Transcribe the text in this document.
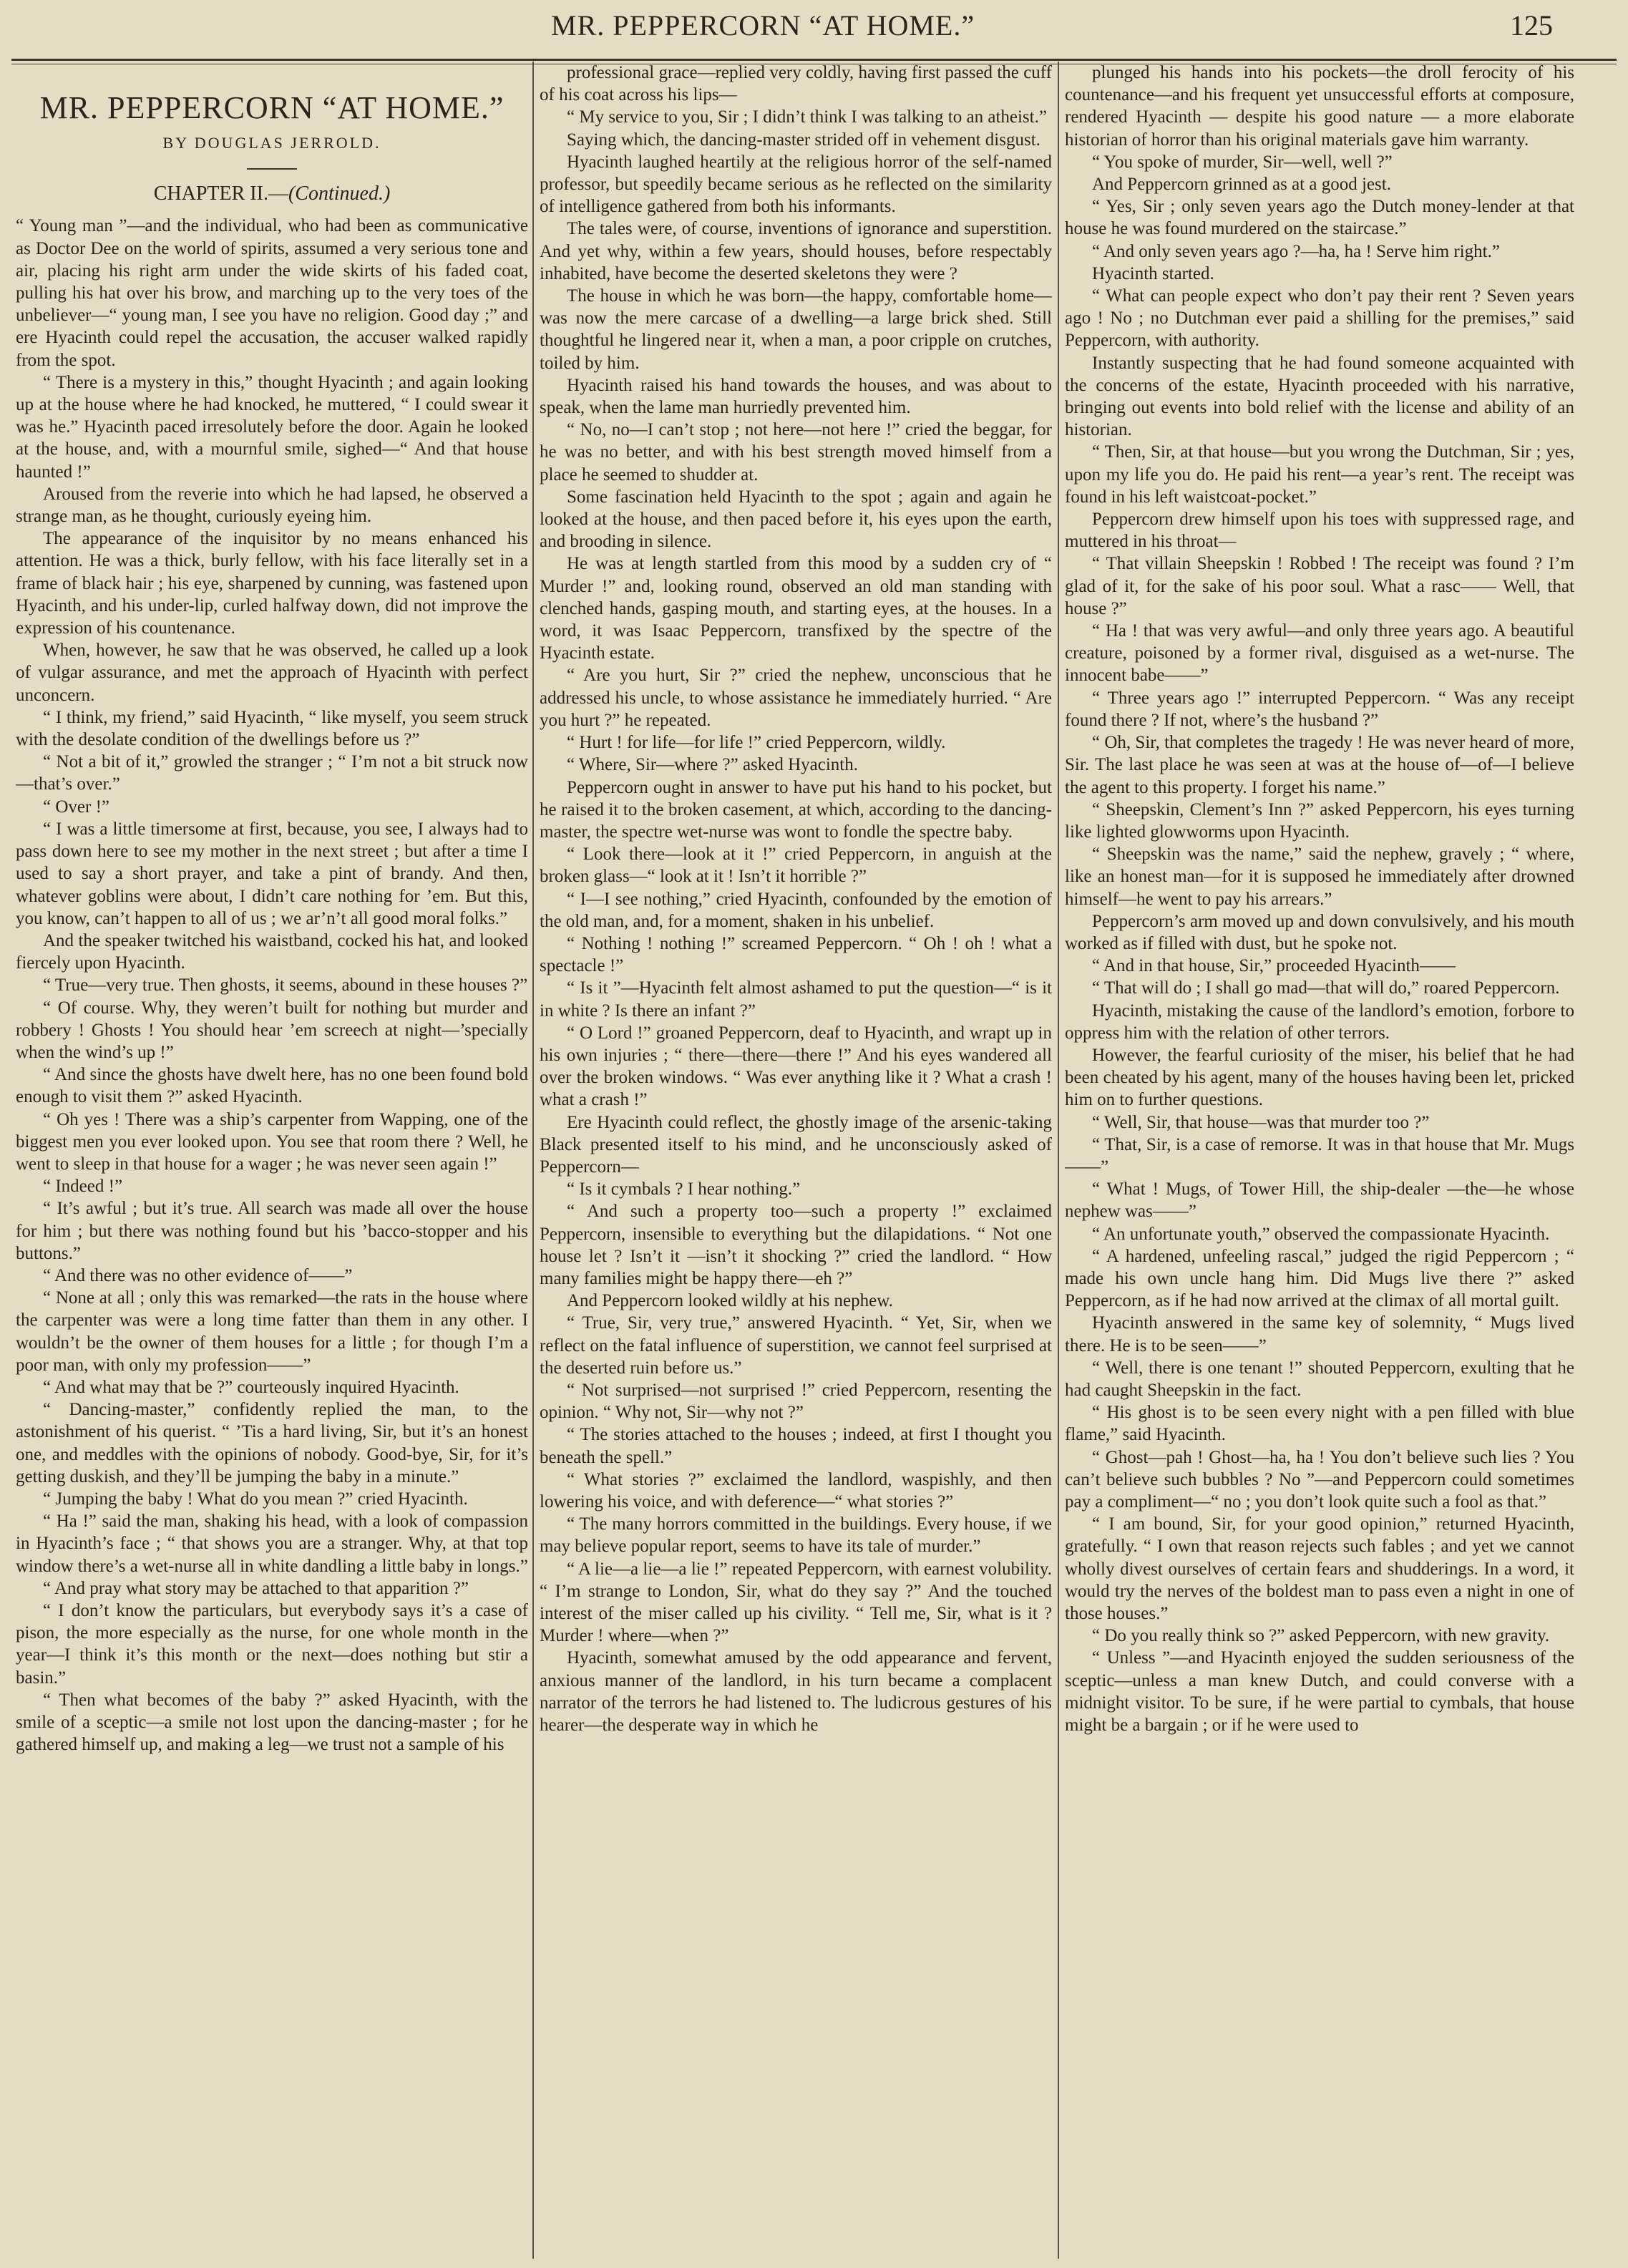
MR. PEPPERCORN “AT HOME.”	125
MR. PEPPERCORN “AT HOME.”
BY DOUGLAS JERROLD.
CHAPTER II.—(Continued.)

“ Young man ”—and the individual, who had been as communicative as Doctor Dee on the world of spirits, assumed a very serious tone and air, placing his right arm under the wide skirts of his faded coat, pulling his hat over his brow, and marching up to the very toes of the unbeliever—“ young man, I see you have no religion. Good day ;” and ere Hyacinth could repel the accusation, the accuser walked rapidly from the spot.

“ There is a mystery in this,” thought Hyacinth ; and again looking up at the house where he had knocked, he muttered, “ I could swear it was he.” Hyacinth paced irresolutely before the door. Again he looked at the house, and, with a mournful smile, sighed—“ And that house haunted !”

Aroused from the reverie into which he had lapsed, he observed a strange man, as he thought, curiously eyeing him.

The appearance of the inquisitor by no means enhanced his attention. He was a thick, burly fellow, with his face literally set in a frame of black hair ; his eye, sharpened by cunning, was fastened upon Hyacinth, and his under-lip, curled halfway down, did not improve the expression of his countenance.

When, however, he saw that he was observed, he called up a look of vulgar assurance, and met the approach of Hyacinth with perfect unconcern.

“ I think, my friend,” said Hyacinth, “ like myself, you seem struck with the desolate condition of the dwellings before us ?”

“ Not a bit of it,” growled the stranger ; “ I’m not a bit struck now—that’s over.”

“ Over !”

“ I was a little timersome at first, because, you see, I always had to pass down here to see my mother in the next street ; but after a time I used to say a short prayer, and take a pint of brandy. And then, whatever goblins were about, I didn’t care nothing for ’em. But this, you know, can’t happen to all of us ; we ar’n’t all good moral folks.”

And the speaker twitched his waistband, cocked his hat, and looked fiercely upon Hyacinth.

“ True—very true. Then ghosts, it seems, abound in these houses ?”

“ Of course. Why, they weren’t built for nothing but murder and robbery ! Ghosts ! You should hear ’em screech at night—’specially when the wind’s up !”

“ And since the ghosts have dwelt here, has no one been found bold enough to visit them ?” asked Hyacinth.

“ Oh yes ! There was a ship’s carpenter from Wapping, one of the biggest men you ever looked upon. You see that room there ? Well, he went to sleep in that house for a wager ; he was never seen again !”

“ Indeed !”

“ It’s awful ; but it’s true. All search was made all over the house for him ; but there was nothing found but his ’bacco-stopper and his buttons.”

“ And there was no other evidence of——”

“ None at all ; only this was remarked—the rats in the house where the carpenter was were a long time fatter than them in any other. I wouldn’t be the owner of them houses for a little ; for though I’m a poor man, with only my profession——”

“ And what may that be ?” courteously inquired Hyacinth.

“ Dancing-master,” confidently replied the man, to the astonishment of his querist. “ ’Tis a hard living, Sir, but it’s an honest one, and meddles with the opinions of nobody. Good-bye, Sir, for it’s getting duskish, and they’ll be jumping the baby in a minute.”

“ Jumping the baby ! What do you mean ?” cried Hyacinth.

“ Ha !” said the man, shaking his head, with a look of compassion in Hyacinth’s face ; “ that shows you are a stranger. Why, at that top window there’s a wet-nurse all in white dandling a little baby in longs.”

“ And pray what story may be attached to that apparition ?”

“ I don’t know the particulars, but everybody says it’s a case of pison, the more especially as the nurse, for one whole month in the year—I think it’s this month or the next—does nothing but stir a basin.”

“ Then what becomes of the baby ?” asked Hyacinth, with the smile of a sceptic—a smile not lost upon the dancing-master ; for he gathered himself up, and making a leg—we trust not a sample of his

professional grace—replied very coldly, having first passed the cuff of his coat across his lips—

“ My service to you, Sir ; I didn’t think I was talking to an atheist.”

Saying which, the dancing-master strided off in vehement disgust.

Hyacinth laughed heartily at the religious horror of the self-named professor, but speedily became serious as he reflected on the similarity of intelligence gathered from both his informants.

The tales were, of course, inventions of ignorance and superstition. And yet why, within a few years, should houses, before respectably inhabited, have become the deserted skeletons they were ?

The house in which he was born—the happy, comfortable home—was now the mere carcase of a dwelling—a large brick shed. Still thoughtful he lingered near it, when a man, a poor cripple on crutches, toiled by him.

Hyacinth raised his hand towards the houses, and was about to speak, when the lame man hurriedly prevented him.

“ No, no—I can’t stop ; not here—not here !” cried the beggar, for he was no better, and with his best strength moved himself from a place he seemed to shudder at.

Some fascination held Hyacinth to the spot ; again and again he looked at the house, and then paced before it, his eyes upon the earth, and brooding in silence.

He was at length startled from this mood by a sudden cry of “ Murder !” and, looking round, observed an old man standing with clenched hands, gasping mouth, and starting eyes, at the houses. In a word, it was Isaac Peppercorn, transfixed by the spectre of the Hyacinth estate.

“ Are you hurt, Sir ?” cried the nephew, unconscious that he addressed his uncle, to whose assistance he immediately hurried. “ Are you hurt ?” he repeated.

“ Hurt ! for life—for life !” cried Peppercorn, wildly.

“ Where, Sir—where ?” asked Hyacinth.

Peppercorn ought in answer to have put his hand to his pocket, but he raised it to the broken casement, at which, according to the dancing-master, the spectre wet-nurse was wont to fondle the spectre baby.

“ Look there—look at it !” cried Peppercorn, in anguish at the broken glass—“ look at it ! Isn’t it horrible ?”

“ I—I see nothing,” cried Hyacinth, confounded by the emotion of the old man, and, for a moment, shaken in his unbelief.

“ Nothing ! nothing !” screamed Peppercorn. “ Oh ! oh ! what a spectacle !”

“ Is it ”—Hyacinth felt almost ashamed to put the question—“ is it in white ? Is there an infant ?”

“ O Lord !” groaned Peppercorn, deaf to Hyacinth, and wrapt up in his own injuries ; “ there—there—there !” And his eyes wandered all over the broken windows. “ Was ever anything like it ? What a crash ! what a crash !”

Ere Hyacinth could reflect, the ghostly image of the arsenic-taking Black presented itself to his mind, and he unconsciously asked of Peppercorn—

“ Is it cymbals ? I hear nothing.”

“ And such a property too—such a property !” exclaimed Peppercorn, insensible to everything but the dilapidations. “ Not one house let ? Isn’t it —isn’t it shocking ?” cried the landlord. “ How many families might be happy there—eh ?”

And Peppercorn looked wildly at his nephew.

“ True, Sir, very true,” answered Hyacinth. “ Yet, Sir, when we reflect on the fatal influence of superstition, we cannot feel surprised at the deserted ruin before us.”

“ Not surprised—not surprised !” cried Peppercorn, resenting the opinion. “ Why not, Sir—why not ?”

“ The stories attached to the houses ; indeed, at first I thought you beneath the spell.”

“ What stories ?” exclaimed the landlord, waspishly, and then lowering his voice, and with deference—“ what stories ?”

“ The many horrors committed in the buildings. Every house, if we may believe popular report, seems to have its tale of murder.”

“ A lie—a lie—a lie !” repeated Peppercorn, with earnest volubility. “ I’m strange to London, Sir, what do they say ?” And the touched interest of the miser called up his civility. “ Tell me, Sir, what is it ? Murder ! where—when ?”

Hyacinth, somewhat amused by the odd appearance and fervent, anxious manner of the landlord, in his turn became a complacent narrator of the terrors he had listened to. The ludicrous gestures of his hearer—the desperate way in which he

plunged his hands into his pockets—the droll ferocity of his countenance—and his frequent yet unsuccessful efforts at composure, rendered Hyacinth — despite his good nature — a more elaborate historian of horror than his original materials gave him warranty.

“ You spoke of murder, Sir—well, well ?”

And Peppercorn grinned as at a good jest.

“ Yes, Sir ; only seven years ago the Dutch money-lender at that house he was found murdered on the staircase.”

“ And only seven years ago ?—ha, ha ! Serve him right.”

Hyacinth started.

“ What can people expect who don’t pay their rent ? Seven years ago ! No ; no Dutchman ever paid a shilling for the premises,” said Peppercorn, with authority.

Instantly suspecting that he had found someone acquainted with the concerns of the estate, Hyacinth proceeded with his narrative, bringing out events into bold relief with the license and ability of an historian.

“ Then, Sir, at that house—but you wrong the Dutchman, Sir ; yes, upon my life you do. He paid his rent—a year’s rent. The receipt was found in his left waistcoat-pocket.”

Peppercorn drew himself upon his toes with suppressed rage, and muttered in his throat—

“ That villain Sheepskin ! Robbed ! The receipt was found ? I’m glad of it, for the sake of his poor soul. What a rasc—— Well, that house ?”

“ Ha ! that was very awful—and only three years ago. A beautiful creature, poisoned by a former rival, disguised as a wet-nurse. The innocent babe——”

“ Three years ago !” interrupted Peppercorn. “ Was any receipt found there ? If not, where’s the husband ?”

“ Oh, Sir, that completes the tragedy ! He was never heard of more, Sir. The last place he was seen at was at the house of—of—I believe the agent to this property. I forget his name.”

“ Sheepskin, Clement’s Inn ?” asked Peppercorn, his eyes turning like lighted glowworms upon Hyacinth.

“ Sheepskin was the name,” said the nephew, gravely ; “ where, like an honest man—for it is supposed he immediately after drowned himself—he went to pay his arrears.”

Peppercorn’s arm moved up and down convulsively, and his mouth worked as if filled with dust, but he spoke not.

“ And in that house, Sir,” proceeded Hyacinth——

“ That will do ; I shall go mad—that will do,” roared Peppercorn.

Hyacinth, mistaking the cause of the landlord’s emotion, forbore to oppress him with the relation of other terrors.

However, the fearful curiosity of the miser, his belief that he had been cheated by his agent, many of the houses having been let, pricked him on to further questions.

“ Well, Sir, that house—was that murder too ?”

“ That, Sir, is a case of remorse. It was in that house that Mr. Mugs——”

“ What ! Mugs, of Tower Hill, the ship-dealer —the—he whose nephew was——”

“ An unfortunate youth,” observed the compassionate Hyacinth.

“ A hardened, unfeeling rascal,” judged the rigid Peppercorn ; “ made his own uncle hang him. Did Mugs live there ?” asked Peppercorn, as if he had now arrived at the climax of all mortal guilt.

Hyacinth answered in the same key of solemnity, “ Mugs lived there. He is to be seen——”

“ Well, there is one tenant !” shouted Peppercorn, exulting that he had caught Sheepskin in the fact.

“ His ghost is to be seen every night with a pen filled with blue flame,” said Hyacinth.

“ Ghost—pah ! Ghost—ha, ha ! You don’t believe such lies ? You can’t believe such bubbles ? No ”—and Peppercorn could sometimes pay a compliment—“ no ; you don’t look quite such a fool as that.”

“ I am bound, Sir, for your good opinion,” returned Hyacinth, gratefully. “ I own that reason rejects such fables ; and yet we cannot wholly divest ourselves of certain fears and shudderings. In a word, it would try the nerves of the boldest man to pass even a night in one of those houses.”

“ Do you really think so ?” asked Peppercorn, with new gravity.

“ Unless ”—and Hyacinth enjoyed the sudden seriousness of the sceptic—unless a man knew Dutch, and could converse with a midnight visitor. To be sure, if he were partial to cymbals, that house might be a bargain ; or if he were used to
